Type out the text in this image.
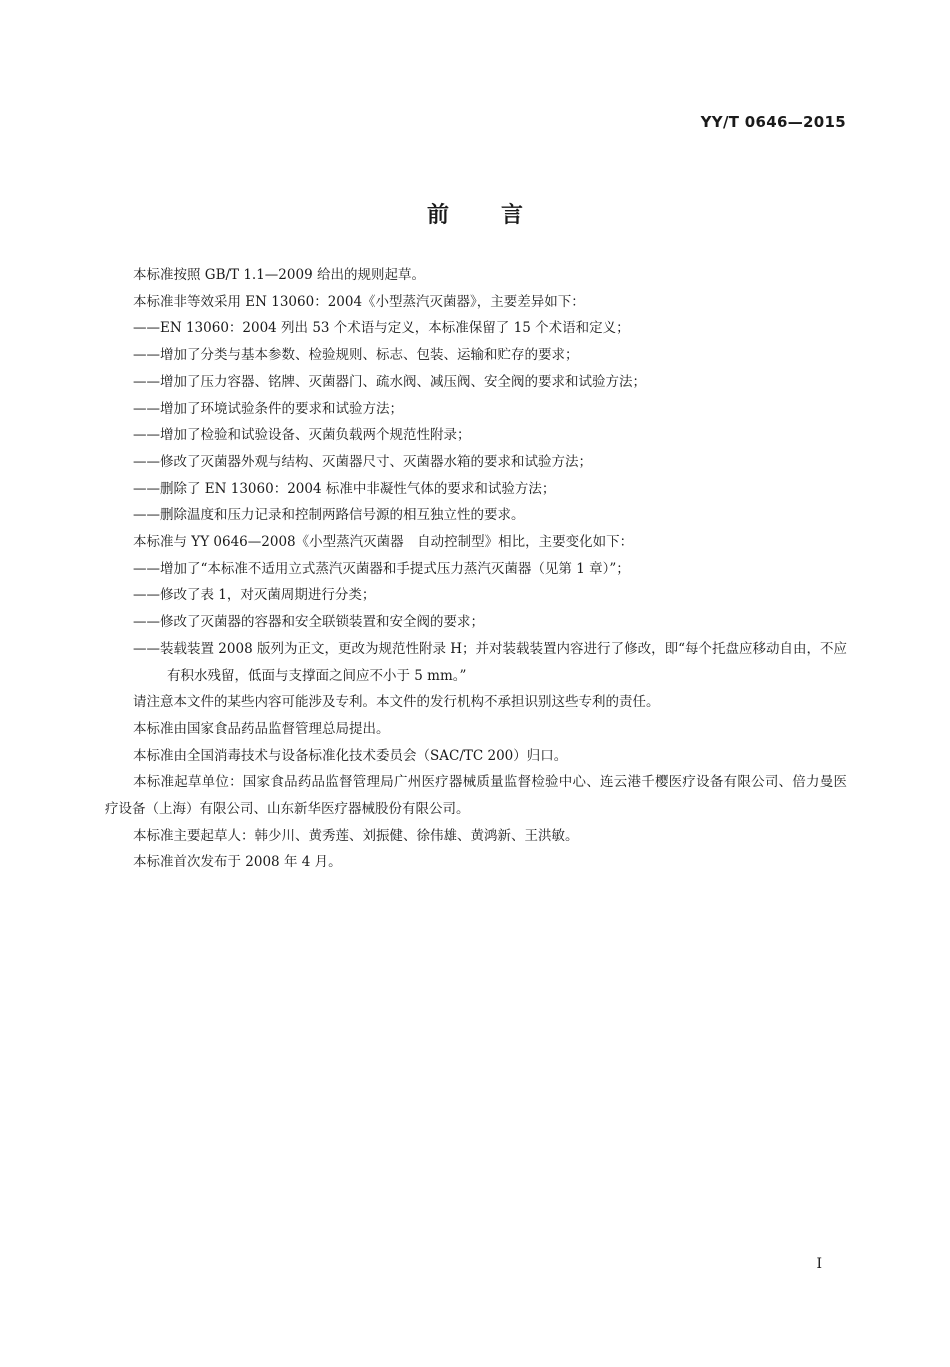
YY/T 0646—2015
前言

本标准按照 GB/T 1.1—2009 给出的规则起草。

本标准非等效采用 EN 13060：2004《小型蒸汽灭菌器》，主要差异如下：

——EN 13060：2004 列出 53 个术语与定义，本标准保留了 15 个术语和定义；

——增加了分类与基本参数、检验规则、标志、包装、运输和贮存的要求；

——增加了压力容器、铭牌、灭菌器门、疏水阀、减压阀、安全阀的要求和试验方法；

——增加了环境试验条件的要求和试验方法；

——增加了检验和试验设备、灭菌负载两个规范性附录；

——修改了灭菌器外观与结构、灭菌器尺寸、灭菌器水箱的要求和试验方法；

——删除了 EN 13060：2004 标准中非凝性气体的要求和试验方法；

——删除温度和压力记录和控制两路信号源的相互独立性的要求。

本标准与 YY 0646—2008《小型蒸汽灭菌器　自动控制型》相比，主要变化如下：

——增加了“本标准不适用立式蒸汽灭菌器和手提式压力蒸汽灭菌器（见第 1 章）”；

——修改了表 1，对灭菌周期进行分类；

——修改了灭菌器的容器和安全联锁装置和安全阀的要求；

——装载装置 2008 版列为正文，更改为规范性附录 H；并对装载装置内容进行了修改，即“每个托盘应移动自由，不应有积水残留，低面与支撑面之间应不小于 5 mm。”

请注意本文件的某些内容可能涉及专利。本文件的发行机构不承担识别这些专利的责任。

本标准由国家食品药品监督管理总局提出。

本标准由全国消毒技术与设备标准化技术委员会（SAC/TC 200）归口。

本标准起草单位：国家食品药品监督管理局广州医疗器械质量监督检验中心、连云港千樱医疗设备有限公司、倍力曼医疗设备（上海）有限公司、山东新华医疗器械股份有限公司。

本标准主要起草人：韩少川、黄秀莲、刘振健、徐伟雄、黄鸿新、王洪敏。

本标准首次发布于 2008 年 4 月。

I
